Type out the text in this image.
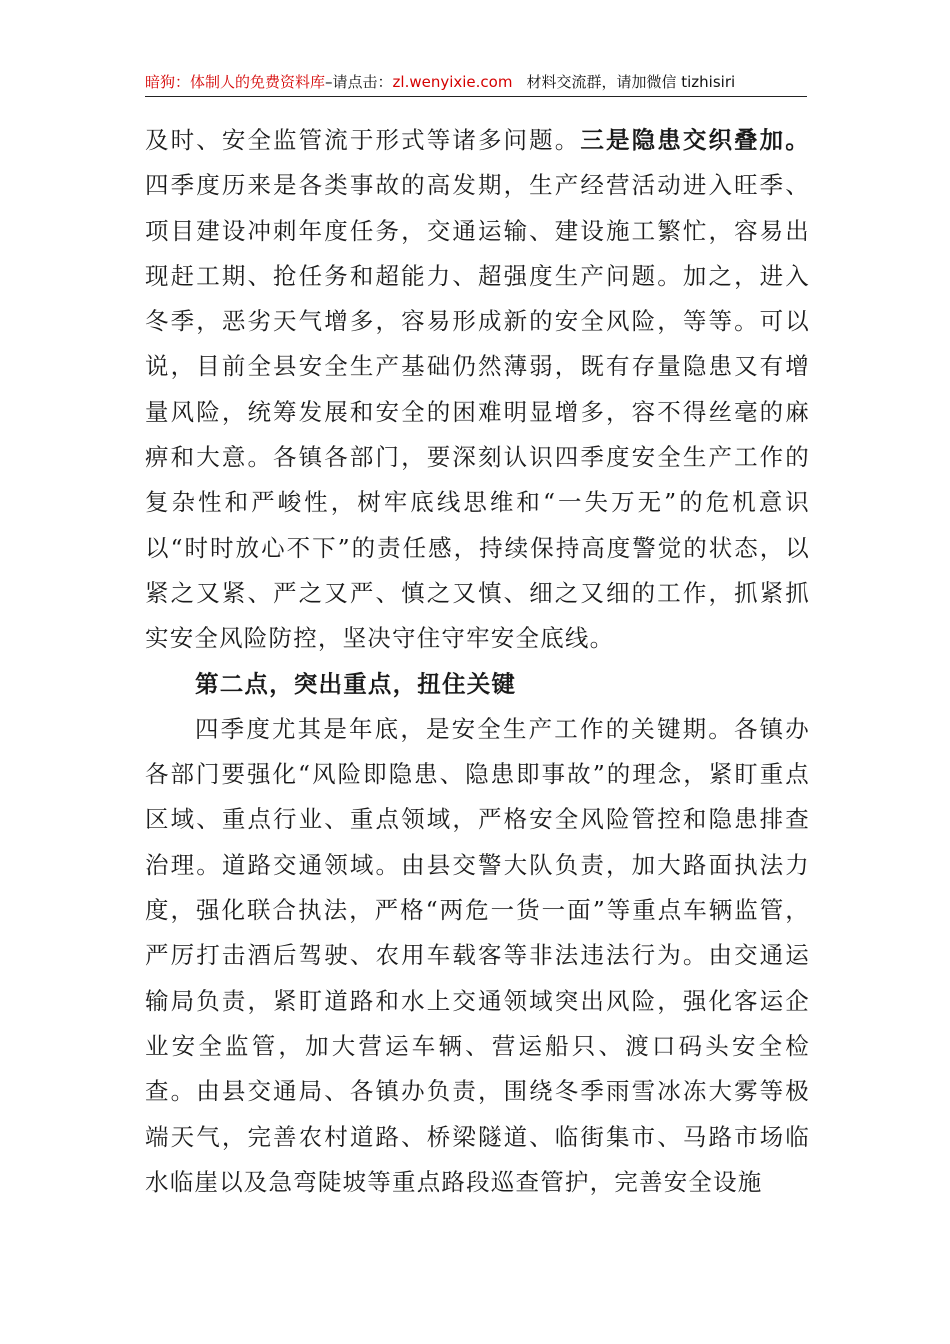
暗狗：体制人的免费资料库–请点击：zl.wenyixie.com 材料交流群，请加微信 tizhisiri

及时、安全监管流于形式等诸多问题。三是隐患交织叠加。四季度历来是各类事故的高发期，生产经营活动进入旺季、项目建设冲刺年度任务，交通运输、建设施工繁忙，容易出现赶工期、抢任务和超能力、超强度生产问题。加之，进入冬季，恶劣天气增多，容易形成新的安全风险，等等。可以说，目前全县安全生产基础仍然薄弱，既有存量隐患又有增量风险，统筹发展和安全的困难明显增多，容不得丝毫的麻痹和大意。各镇各部门，要深刻认识四季度安全生产工作的复杂性和严峻性，树牢底线思维和“一失万无”的危机意识以“时时放心不下”的责任感，持续保持高度警觉的状态，以紧之又紧、严之又严、慎之又慎、细之又细的工作，抓紧抓实安全风险防控，坚决守住守牢安全底线。

第二点，突出重点，扭住关键

四季度尤其是年底，是安全生产工作的关键期。各镇办各部门要强化“风险即隐患、隐患即事故”的理念，紧盯重点区域、重点行业、重点领域，严格安全风险管控和隐患排查治理。道路交通领域。由县交警大队负责，加大路面执法力度，强化联合执法，严格“两危一货一面”等重点车辆监管，严厉打击酒后驾驶、农用车载客等非法违法行为。由交通运输局负责，紧盯道路和水上交通领域突出风险，强化客运企业安全监管，加大营运车辆、营运船只、渡口码头安全检查。由县交通局、各镇办负责，围绕冬季雨雪冰冻大雾等极端天气，完善农村道路、桥梁隧道、临街集市、马路市场临水临崖以及急弯陡坡等重点路段巡查管护，完善安全设施
